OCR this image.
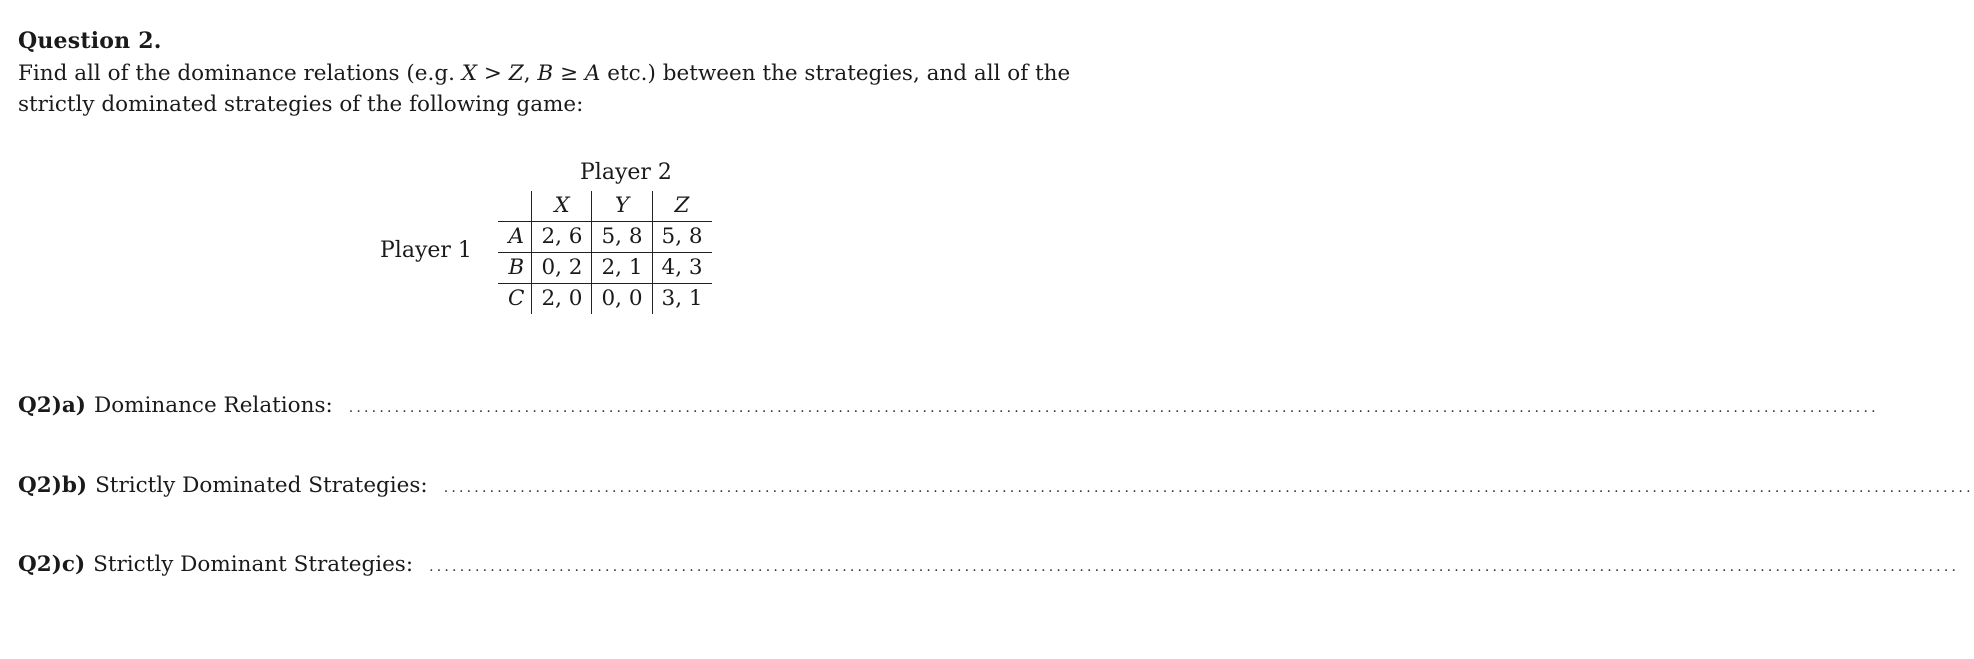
Question 2.
Find all of the dominance relations (e.g. X > Z, B ≥ A etc.) between the strategies, and all of the
strictly dominated strategies of the following game:
Player 2
Player 1
	X	Y	Z
A	2, 6	5, 8	5, 8
B	0, 2	2, 1	4, 3
C	2, 0	0, 0	3, 1
Q2)a) Dominance Relations: ........................................................................................................................................................................................................
Q2)b) Strictly Dominated Strategies: ........................................................................................................................................................................................................
Q2)c) Strictly Dominant Strategies: ........................................................................................................................................................................................................
